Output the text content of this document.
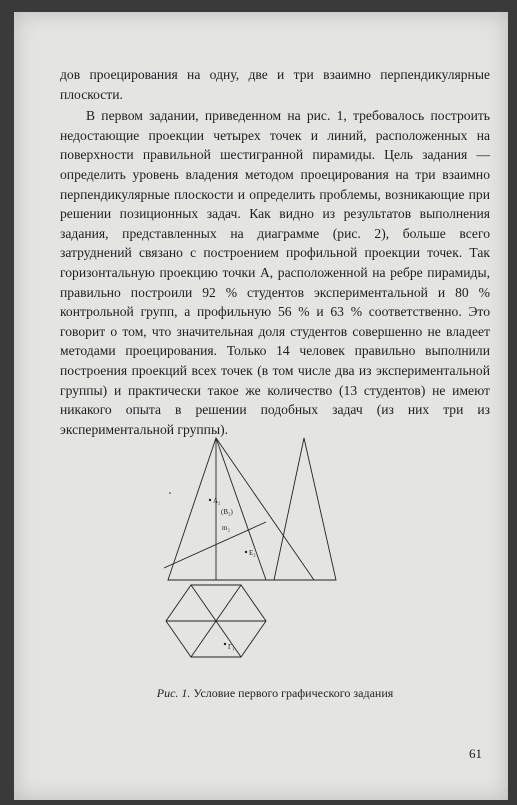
дов проецирования на одну, две и три взаимно перпендикулярные плоскости.

В первом задании, приведенном на рис. 1, требовалось построить недостающие проекции четырех точек и линий, расположенных на поверхности правильной шестигранной пирамиды. Цель задания — определить уровень владения методом проецирования на три взаимно перпендикулярные плоскости и определить проблемы, возникающие при решении позиционных задач. Как видно из результатов выполнения задания, представленных на диаграмме (рис. 2), больше всего затруднений связано с построением профильной проекции точек. Так горизонтальную проекцию точки А, расположенной на ребре пирамиды, правильно построили 92 % студентов экспериментальной и 80 % контрольной групп, а профильную 56 % и 63 % соответственно. Это говорит о том, что значительная доля студентов совершенно не владеет методами проецирования. Только 14 человек правильно выполнили построения проекций всех точек (в том числе два из экспериментальной группы) и практически такое же количество (13 студентов) не имеют никакого опыта в решении подобных задач (из них три из экспериментальной группы).

A₂
(B₂)
m₂
E₂
Г₁
Рис. 1. Условие первого графического задания
61
